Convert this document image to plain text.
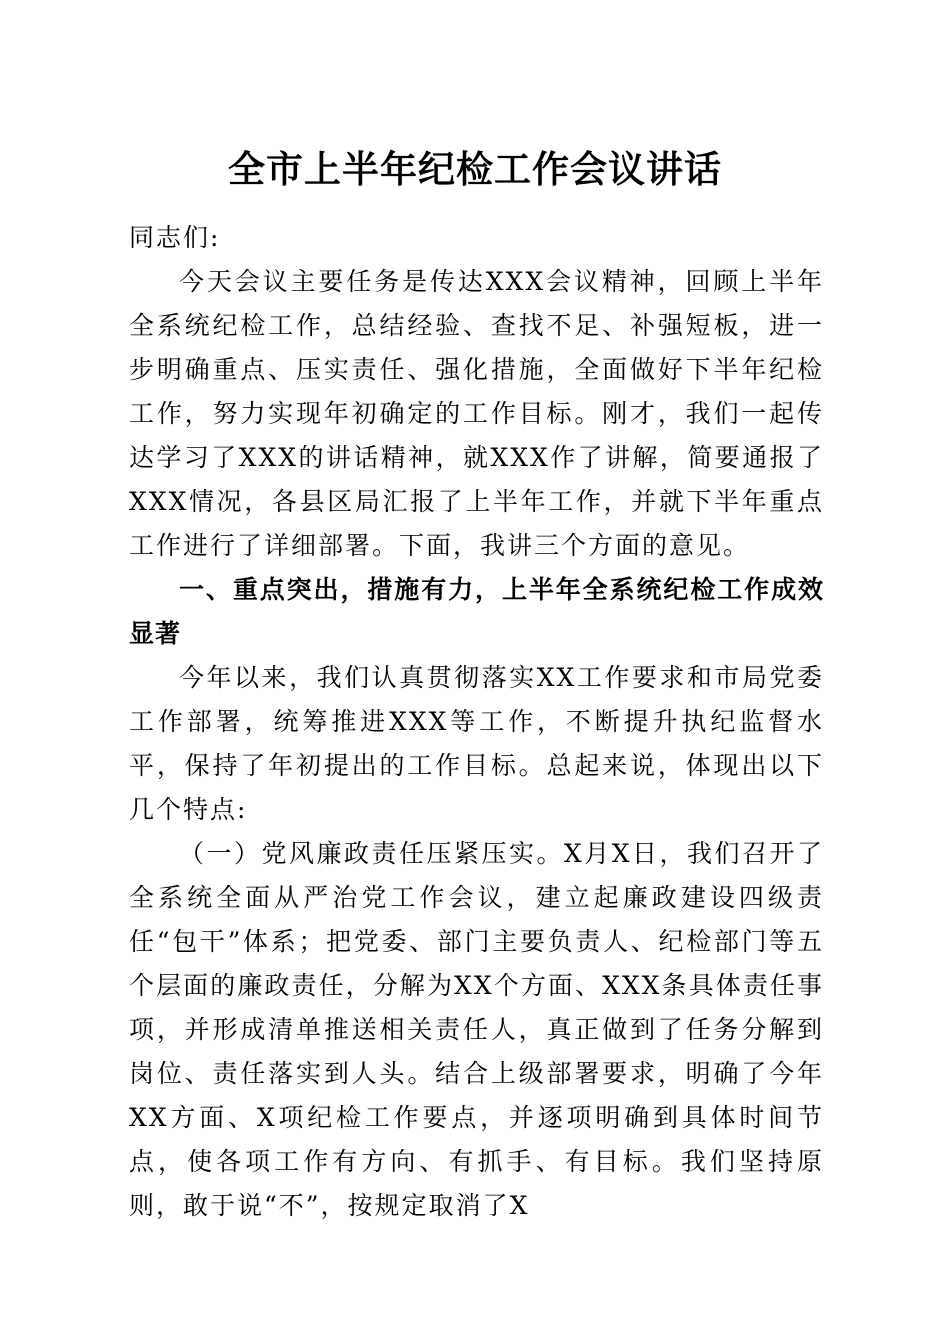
全市上半年纪检工作会议讲话

同志们:

今天会议主要任务是传达XXX会议精神，回顾上半年全系统纪检工作，总结经验、查找不足、补强短板，进一步明确重点、压实责任、强化措施，全面做好下半年纪检工作，努力实现年初确定的工作目标。刚才，我们一起传达学习了XXX的讲话精神，就XXX作了讲解，简要通报了XXX情况，各县区局汇报了上半年工作，并就下半年重点工作进行了详细部署。下面，我讲三个方面的意见。

一、重点突出，措施有力，上半年全系统纪检工作成效显著

今年以来，我们认真贯彻落实XX工作要求和市局党委工作部署，统筹推进XXX等工作，不断提升执纪监督水平，保持了年初提出的工作目标。总起来说，体现出以下几个特点:

（一）党风廉政责任压紧压实。X月X日，我们召开了全系统全面从严治党工作会议，建立起廉政建设四级责任“包干”体系；把党委、部门主要负责人、纪检部门等五个层面的廉政责任，分解为XX个方面、XXX条具体责任事项，并形成清单推送相关责任人，真正做到了任务分解到岗位、责任落实到人头。结合上级部署要求，明确了今年XX方面、X项纪检工作要点，并逐项明确到具体时间节点，使各项工作有方向、有抓手、有目标。我们坚持原则，敢于说“不”，按规定取消了X
